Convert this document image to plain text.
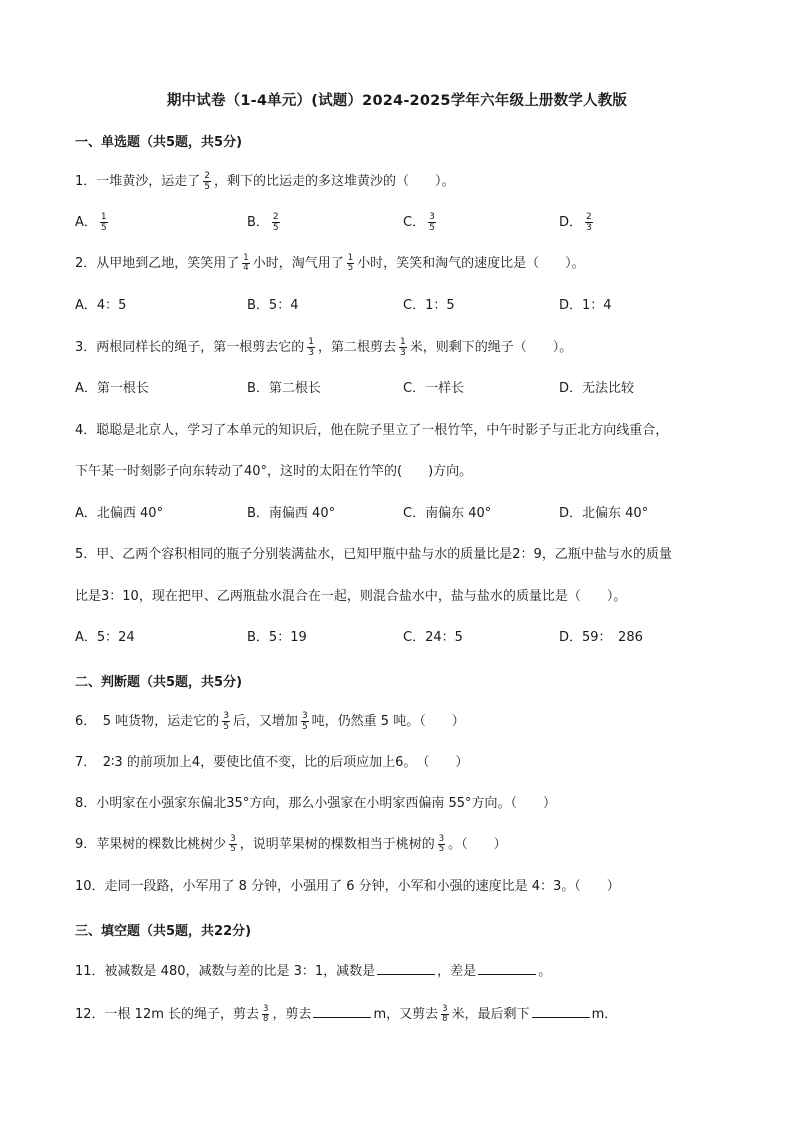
期中试卷（1-4单元）(试题）2024-2025学年六年级上册数学人教版
一、单选题（共5题，共5分)
1．一堆黄沙，运走了 $\frac{2}{5}$ ，剩下的比运走的多这堆黄沙的（　　）。
A． $\frac{1}{5}$	B． $\frac{2}{5}$	C． $\frac{3}{5}$	D． $\frac{2}{3}$
2．从甲地到乙地，笑笑用了 $\frac{1}{4}$ 小时，淘气用了 $\frac{1}{5}$ 小时，笑笑和淘气的速度比是（　　）。
A．4：5	B．5：4	C．1：5	D．1：4
3．两根同样长的绳子，第一根剪去它的 $\frac{1}{3}$ ，第二根剪去 $\frac{1}{3}$ 米，则剩下的绳子（　　）。
A．第一根长	B．第二根长	C．一样长	D．无法比较
4．聪聪是北京人，学习了本单元的知识后，他在院子里立了一根竹竿，中午时影子与正北方向线重合，
下午某一时刻影子向东转动了40°，这时的太阳在竹竿的(　　)方向。
A．北偏西 40°	B．南偏西 40°	C．南偏东 40°	D．北偏东 40°
5．甲、乙两个容积相同的瓶子分别装满盐水，已知甲瓶中盐与水的质量比是2：9，乙瓶中盐与水的质量
比是3：10，现在把甲、乙两瓶盐水混合在一起，则混合盐水中，盐与盐水的质量比是（　　）。
A．5：24	B．5：19	C．24：5	D．59：　286
二、判断题（共5题，共5分)
6．　5 吨货物，运走它的 $\frac{3}{5}$ 后，又增加 $\frac{3}{5}$ 吨，仍然重 5 吨。（　　）
7．　2∶3 的前项加上4，要使比值不变，比的后项应加上6。　（　　）
8．小明家在小强家东偏北35°方向，那么小强家在小明家西偏南 55°方向。（　　）
9．苹果树的棵数比桃树少 $\frac{3}{5}$ ，说明苹果树的棵数相当于桃树的 $\frac{3}{5}$ 。（　　）
10．走同一段路，小军用了 8 分钟，小强用了 6 分钟，小军和小强的速度比是 4：3。（　　）
三、填空题（共5题，共22分)
11．被减数是 480，减数与差的比是 3：1，减数是	，差是	。
12．一根 12m 长的绳子，剪去 $\frac{3}{8}$ ，剪去	m，又剪去 $\frac{3}{8}$ 米，最后剩下	m．
